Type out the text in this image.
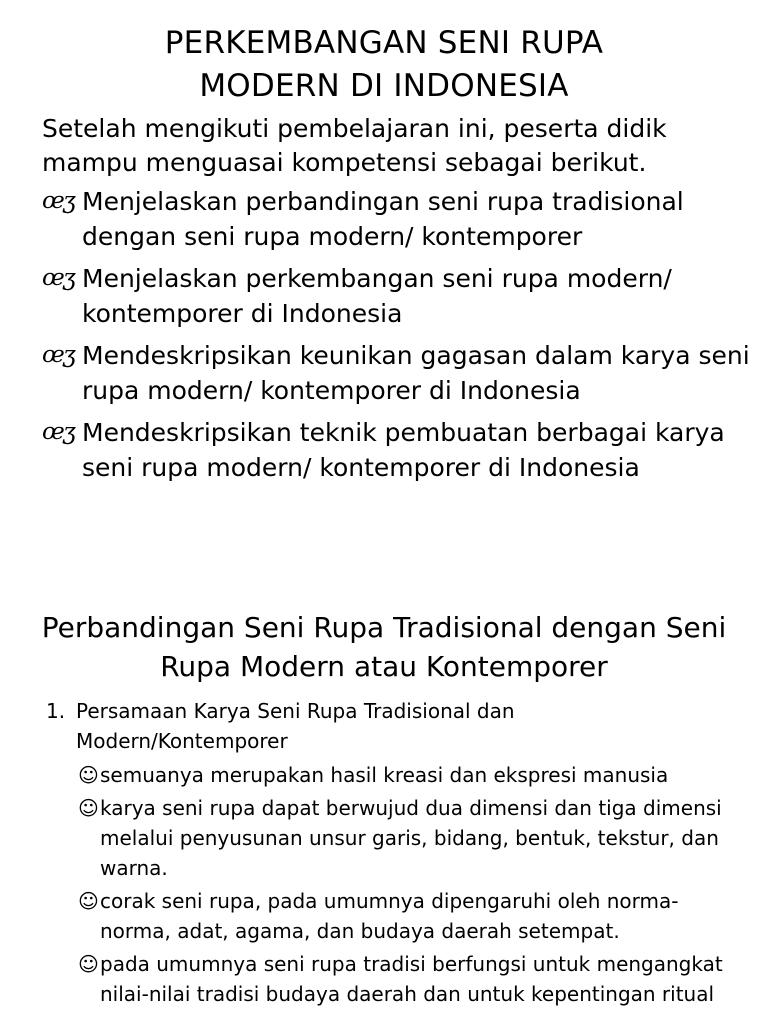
PERKEMBANGAN SENI RUPA
MODERN DI INDONESIA
Setelah mengikuti pembelajaran ini, peserta didik mampu menguasai kompetensi sebagai berikut.
œʒ Menjelaskan perbandingan seni rupa tradisional dengan seni rupa modern/ kontemporer
œʒ Menjelaskan perkembangan seni rupa modern/ kontemporer di Indonesia
œʒ Mendeskripsikan keunikan gagasan dalam karya seni rupa modern/ kontemporer di Indonesia
œʒ Mendeskripsikan teknik pembuatan berbagai karya seni rupa modern/ kontemporer di Indonesia
Perbandingan Seni Rupa Tradisional dengan Seni Rupa Modern atau Kontemporer
1. Persamaan Karya Seni Rupa Tradisional dan Modern/Kontemporer
☺semuanya merupakan hasil kreasi dan ekspresi manusia
☺karya seni rupa dapat berwujud dua dimensi dan tiga dimensi melalui penyusunan unsur garis, bidang, bentuk, tekstur, dan warna.
☺corak seni rupa, pada umumnya dipengaruhi oleh norma-norma, adat, agama, dan budaya daerah setempat.
☺pada umumnya seni rupa tradisi berfungsi untuk mengangkat nilai-nilai tradisi budaya daerah dan untuk kepentingan ritual
